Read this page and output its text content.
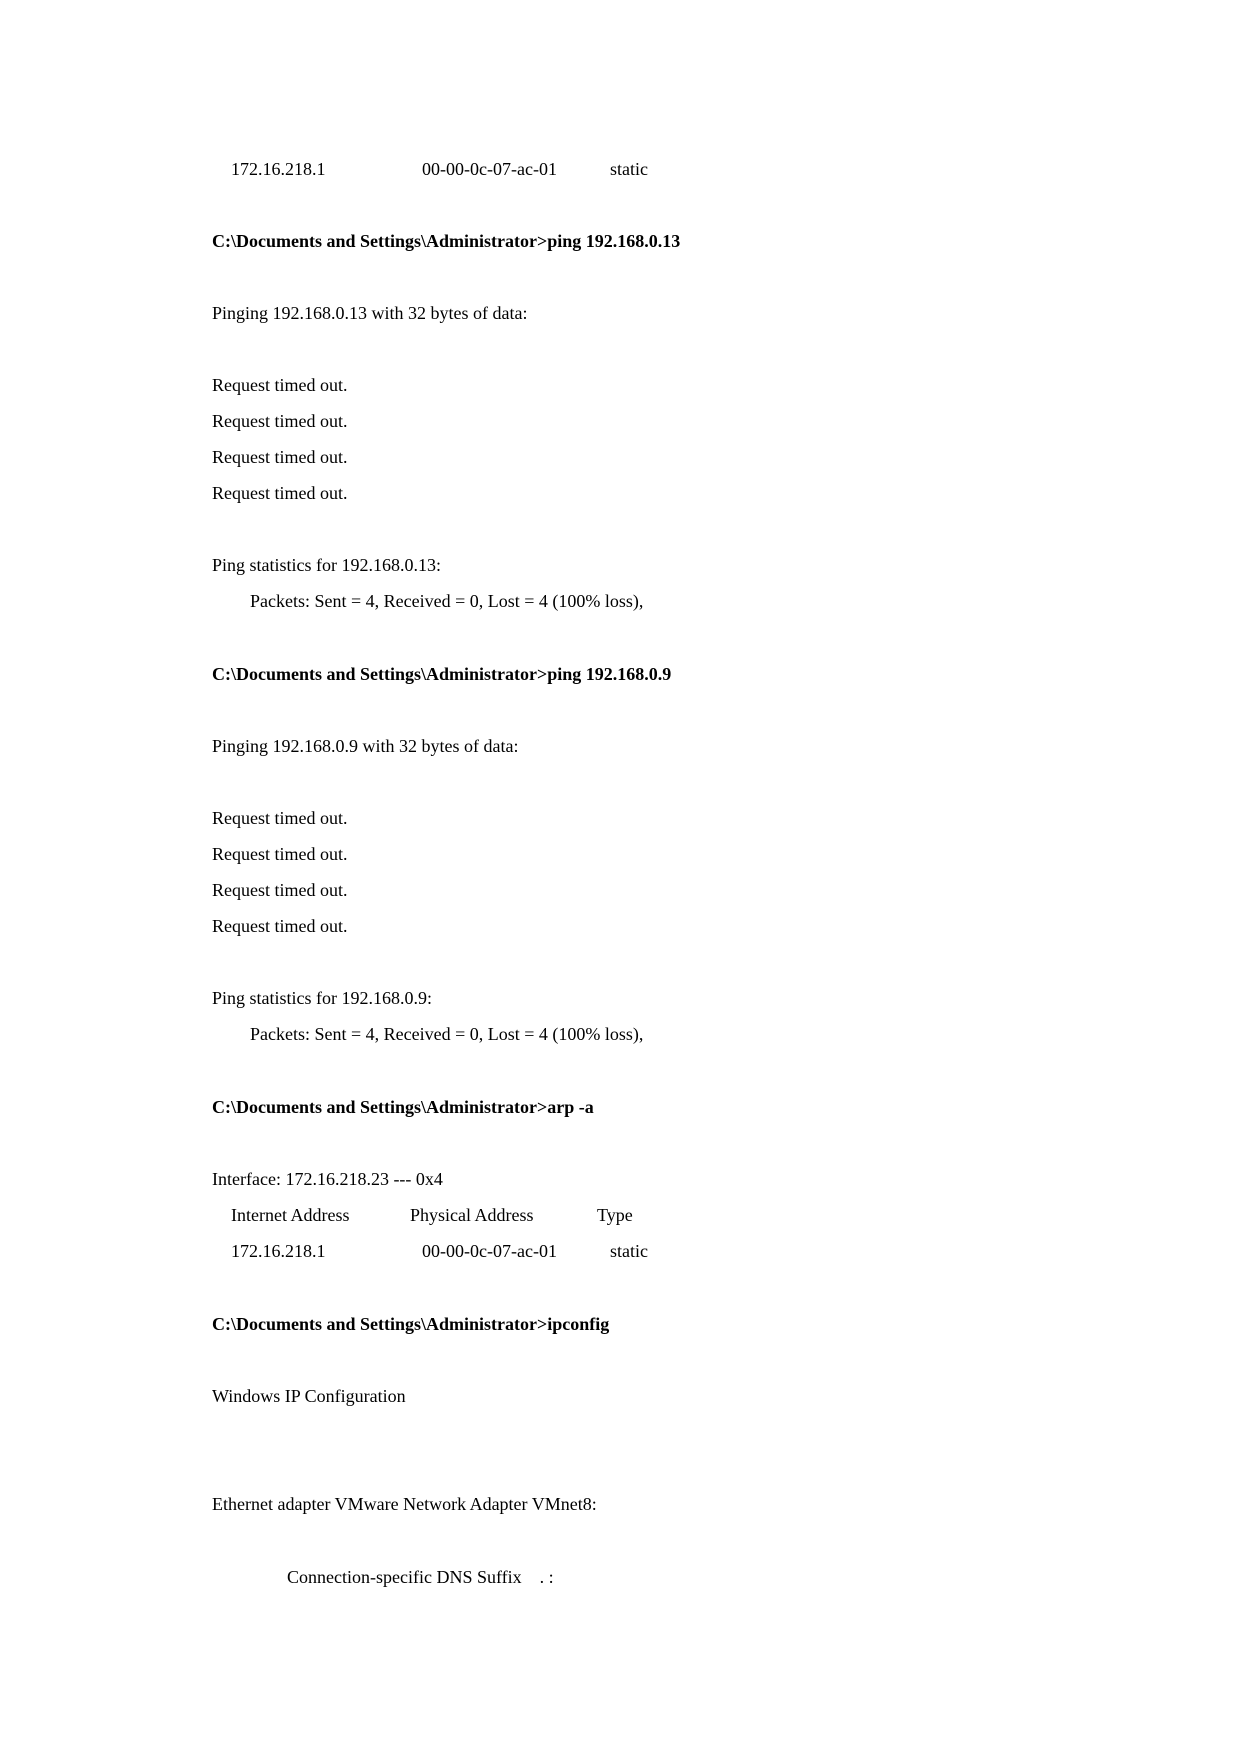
172.16.218.1	00-00-0c-07-ac-01	static
C:\Documents and Settings\Administrator>ping 192.168.0.13
Pinging 192.168.0.13 with 32 bytes of data:
Request timed out.
Request timed out.
Request timed out.
Request timed out.
Ping statistics for 192.168.0.13:
Packets: Sent = 4, Received = 0, Lost = 4 (100% loss),
C:\Documents and Settings\Administrator>ping 192.168.0.9
Pinging 192.168.0.9 with 32 bytes of data:
Request timed out.
Request timed out.
Request timed out.
Request timed out.
Ping statistics for 192.168.0.9:
Packets: Sent = 4, Received = 0, Lost = 4 (100% loss),
C:\Documents and Settings\Administrator>arp -a
Interface: 172.16.218.23 --- 0x4
Internet Address	Physical Address	Type
172.16.218.1	00-00-0c-07-ac-01	static
C:\Documents and Settings\Administrator>ipconfig
Windows IP Configuration
Ethernet adapter VMware Network Adapter VMnet8:
Connection-specific DNS Suffix    . :
